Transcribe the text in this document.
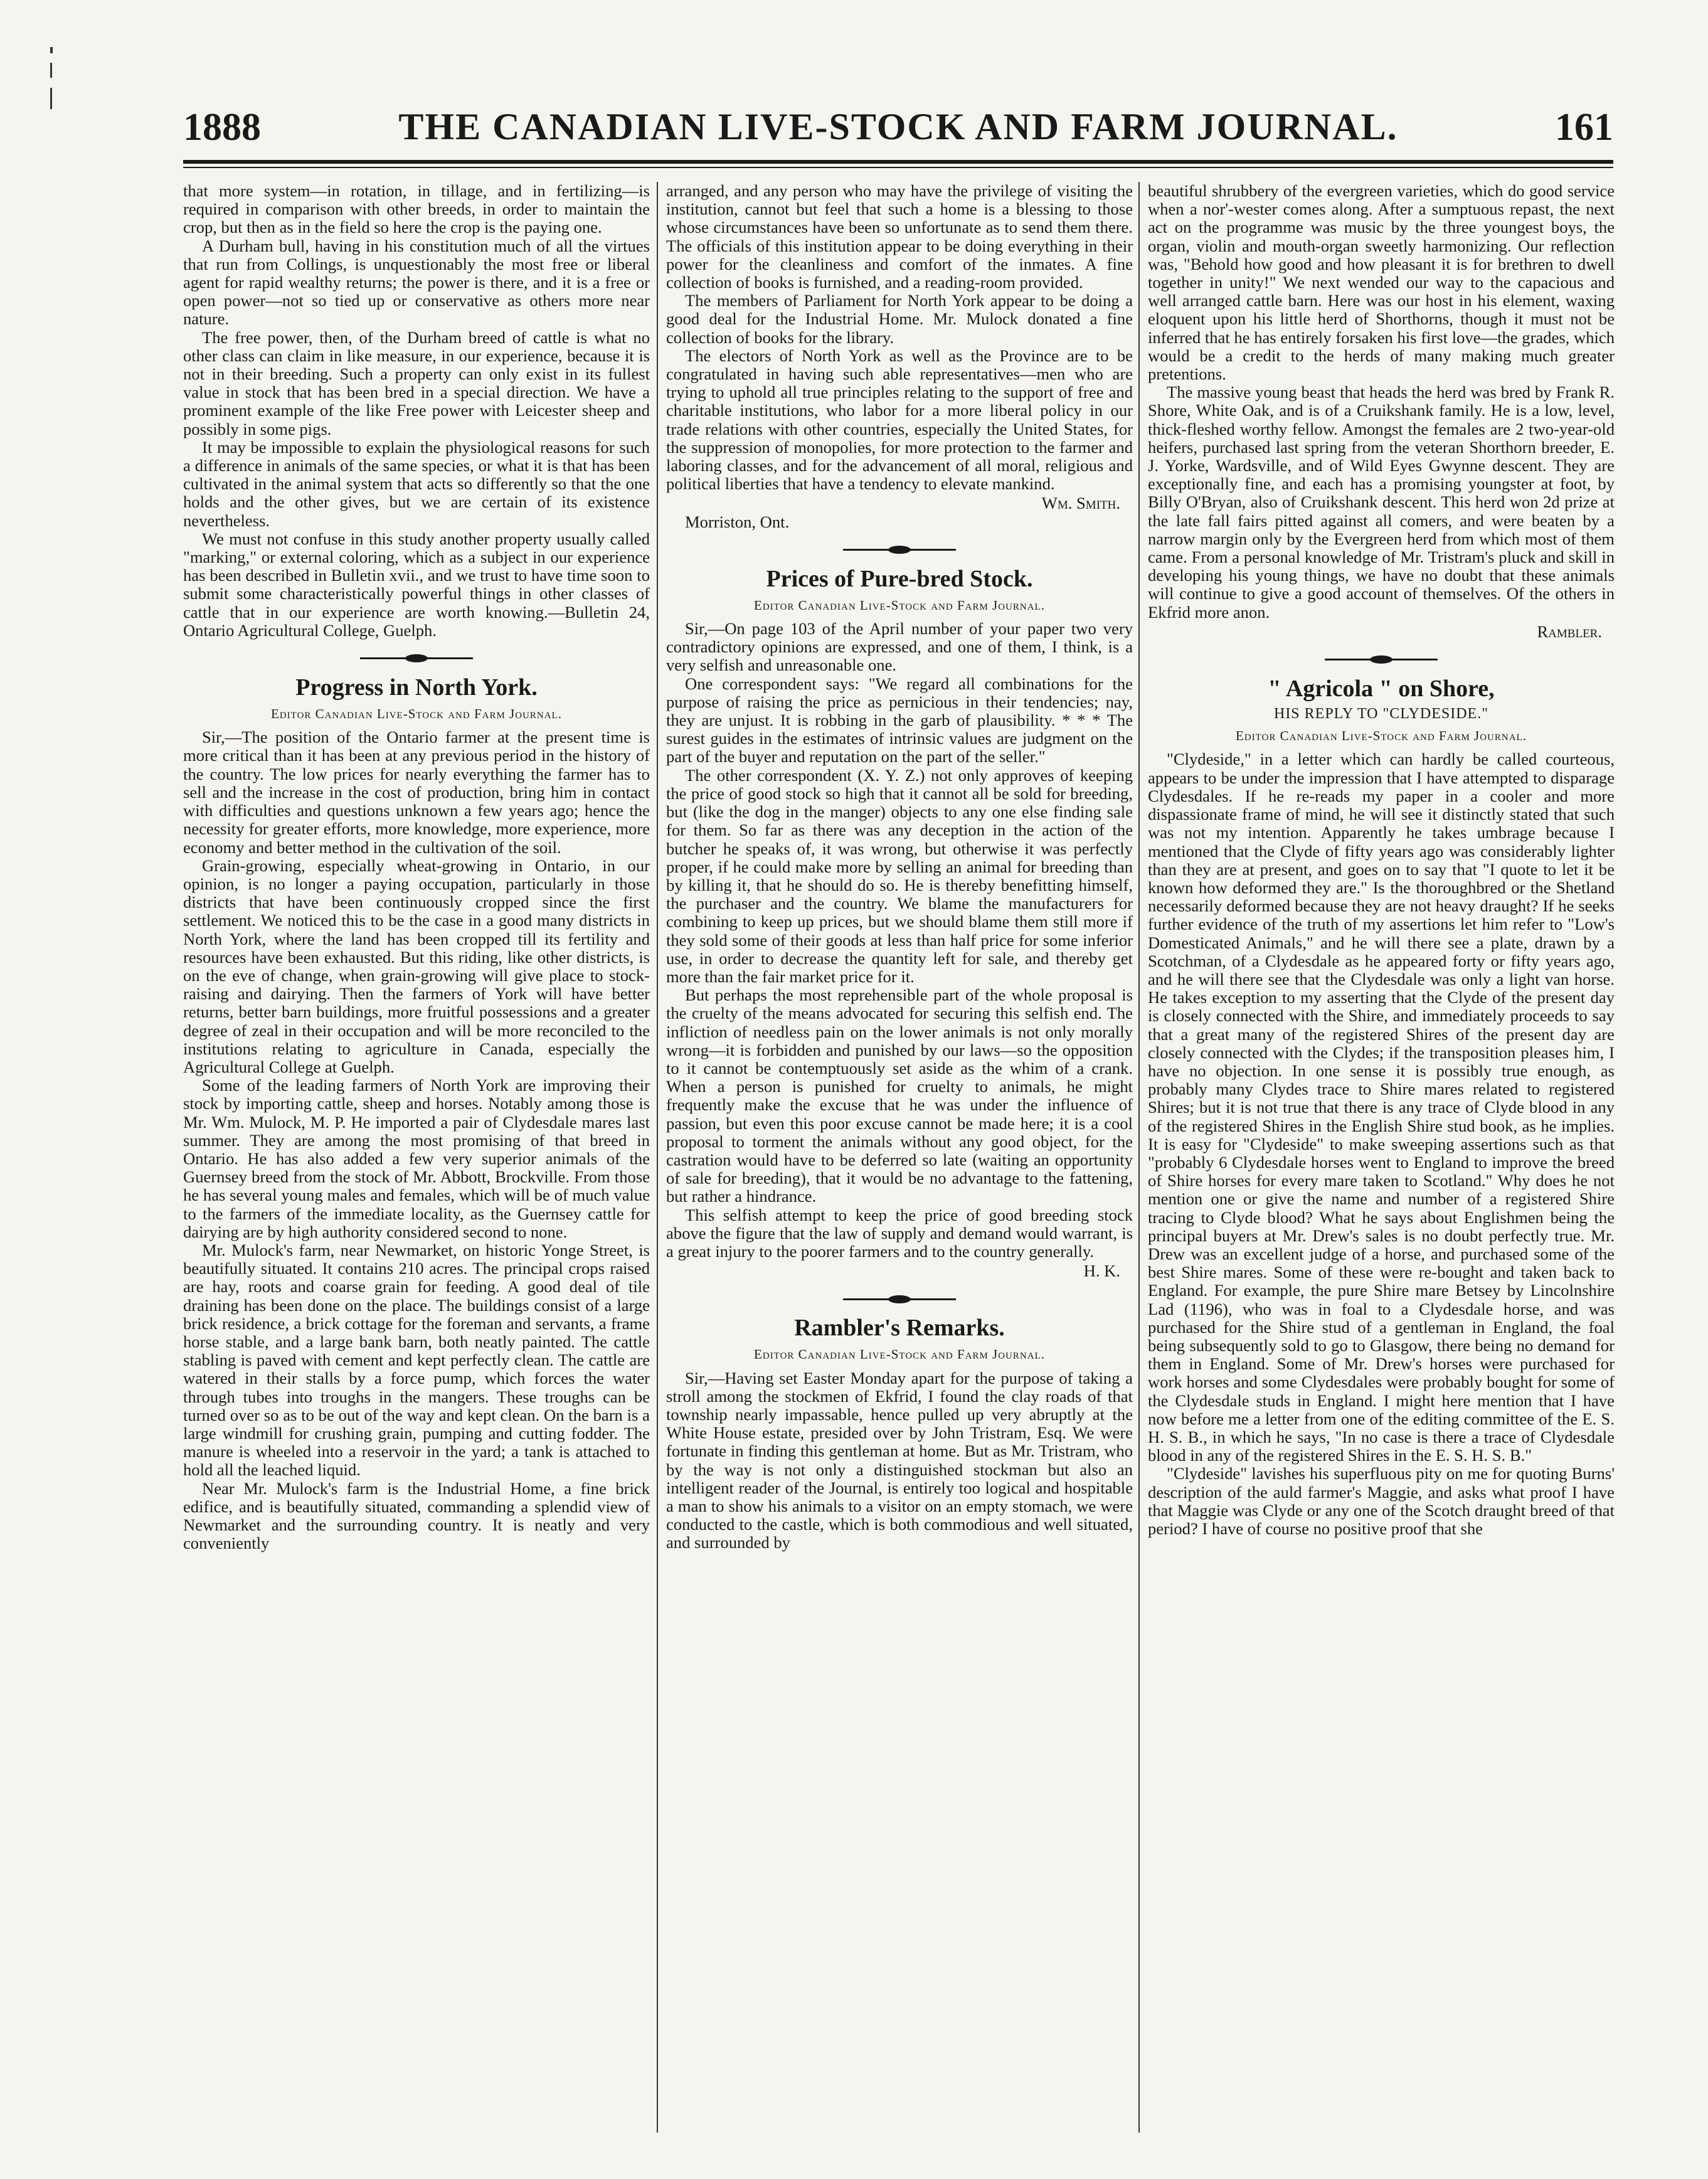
1888	THE CANADIAN LIVE-STOCK AND FARM JOURNAL.	161

that more system—in rotation, in tillage, and in fertilizing—is required in comparison with other breeds, in order to maintain the crop, but then as in the field so here the crop is the paying one.

A Durham bull, having in his constitution much of all the virtues that run from Collings, is unquestionably the most free or liberal agent for rapid wealthy returns; the power is there, and it is a free or open power—not so tied up or conservative as others more near nature.

The free power, then, of the Durham breed of cattle is what no other class can claim in like measure, in our experience, because it is not in their breeding. Such a property can only exist in its fullest value in stock that has been bred in a special direction. We have a prominent example of the like Free power with Leicester sheep and possibly in some pigs.

It may be impossible to explain the physiological reasons for such a difference in animals of the same species, or what it is that has been cultivated in the animal system that acts so differently so that the one holds and the other gives, but we are certain of its existence nevertheless.

We must not confuse in this study another property usually called "marking," or external coloring, which as a subject in our experience has been described in Bulletin xvii., and we trust to have time soon to submit some characteristically powerful things in other classes of cattle that in our experience are worth knowing.—Bulletin 24, Ontario Agricultural College, Guelph.

Progress in North York.
Editor Canadian Live-Stock and Farm Journal.

Sir,—The position of the Ontario farmer at the present time is more critical than it has been at any previous period in the history of the country. The low prices for nearly everything the farmer has to sell and the increase in the cost of production, bring him in contact with difficulties and questions unknown a few years ago; hence the necessity for greater efforts, more knowledge, more experience, more economy and better method in the cultivation of the soil.

Grain-growing, especially wheat-growing in Ontario, in our opinion, is no longer a paying occupation, particularly in those districts that have been continuously cropped since the first settlement. We noticed this to be the case in a good many districts in North York, where the land has been cropped till its fertility and resources have been exhausted. But this riding, like other districts, is on the eve of change, when grain-growing will give place to stock-raising and dairying. Then the farmers of York will have better returns, better barn buildings, more fruitful possessions and a greater degree of zeal in their occupation and will be more reconciled to the institutions relating to agriculture in Canada, especially the Agricultural College at Guelph.

Some of the leading farmers of North York are improving their stock by importing cattle, sheep and horses. Notably among those is Mr. Wm. Mulock, M. P. He imported a pair of Clydesdale mares last summer. They are among the most promising of that breed in Ontario. He has also added a few very superior animals of the Guernsey breed from the stock of Mr. Abbott, Brockville. From those he has several young males and females, which will be of much value to the farmers of the immediate locality, as the Guernsey cattle for dairying are by high authority considered second to none.

Mr. Mulock's farm, near Newmarket, on historic Yonge Street, is beautifully situated. It contains 210 acres. The principal crops raised are hay, roots and coarse grain for feeding. A good deal of tile draining has been done on the place. The buildings consist of a large brick residence, a brick cottage for the foreman and servants, a frame horse stable, and a large bank barn, both neatly painted. The cattle stabling is paved with cement and kept perfectly clean. The cattle are watered in their stalls by a force pump, which forces the water through tubes into troughs in the mangers. These troughs can be turned over so as to be out of the way and kept clean. On the barn is a large windmill for crushing grain, pumping and cutting fodder. The manure is wheeled into a reservoir in the yard; a tank is attached to hold all the leached liquid.

Near Mr. Mulock's farm is the Industrial Home, a fine brick edifice, and is beautifully situated, commanding a splendid view of Newmarket and the surrounding country. It is neatly and very conveniently

arranged, and any person who may have the privilege of visiting the institution, cannot but feel that such a home is a blessing to those whose circumstances have been so unfortunate as to send them there. The officials of this institution appear to be doing everything in their power for the cleanliness and comfort of the inmates. A fine collection of books is furnished, and a reading-room provided.

The members of Parliament for North York appear to be doing a good deal for the Industrial Home. Mr. Mulock donated a fine collection of books for the library.

The electors of North York as well as the Province are to be congratulated in having such able representatives—men who are trying to uphold all true principles relating to the support of free and charitable institutions, who labor for a more liberal policy in our trade relations with other countries, especially the United States, for the suppression of monopolies, for more protection to the farmer and laboring classes, and for the advancement of all moral, religious and political liberties that have a tendency to elevate mankind.

Wm. Smith.

Morriston, Ont.

Prices of Pure-bred Stock.
Editor Canadian Live-Stock and Farm Journal.

Sir,—On page 103 of the April number of your paper two very contradictory opinions are expressed, and one of them, I think, is a very selfish and unreasonable one.

One correspondent says: "We regard all combinations for the purpose of raising the price as pernicious in their tendencies; nay, they are unjust. It is robbing in the garb of plausibility. * * * The surest guides in the estimates of intrinsic values are judgment on the part of the buyer and reputation on the part of the seller."

The other correspondent (X. Y. Z.) not only approves of keeping the price of good stock so high that it cannot all be sold for breeding, but (like the dog in the manger) objects to any one else finding sale for them. So far as there was any deception in the action of the butcher he speaks of, it was wrong, but otherwise it was perfectly proper, if he could make more by selling an animal for breeding than by killing it, that he should do so. He is thereby benefitting himself, the purchaser and the country. We blame the manufacturers for combining to keep up prices, but we should blame them still more if they sold some of their goods at less than half price for some inferior use, in order to decrease the quantity left for sale, and thereby get more than the fair market price for it.

But perhaps the most reprehensible part of the whole proposal is the cruelty of the means advocated for securing this selfish end. The infliction of needless pain on the lower animals is not only morally wrong—it is forbidden and punished by our laws—so the opposition to it cannot be contemptuously set aside as the whim of a crank. When a person is punished for cruelty to animals, he might frequently make the excuse that he was under the influence of passion, but even this poor excuse cannot be made here; it is a cool proposal to torment the animals without any good object, for the castration would have to be deferred so late (waiting an opportunity of sale for breeding), that it would be no advantage to the fattening, but rather a hindrance.

This selfish attempt to keep the price of good breeding stock above the figure that the law of supply and demand would warrant, is a great injury to the poorer farmers and to the country generally.

H. K.
Rambler's Remarks.
Editor Canadian Live-Stock and Farm Journal.

Sir,—Having set Easter Monday apart for the purpose of taking a stroll among the stockmen of Ekfrid, I found the clay roads of that township nearly impassable, hence pulled up very abruptly at the White House estate, presided over by John Tristram, Esq. We were fortunate in finding this gentleman at home. But as Mr. Tristram, who by the way is not only a distinguished stockman but also an intelligent reader of the Journal, is entirely too logical and hospitable a man to show his animals to a visitor on an empty stomach, we were conducted to the castle, which is both commodious and well situated, and surrounded by

beautiful shrubbery of the evergreen varieties, which do good service when a nor'-wester comes along. After a sumptuous repast, the next act on the programme was music by the three youngest boys, the organ, violin and mouth-organ sweetly harmonizing. Our reflection was, "Behold how good and how pleasant it is for brethren to dwell together in unity!" We next wended our way to the capacious and well arranged cattle barn. Here was our host in his element, waxing eloquent upon his little herd of Shorthorns, though it must not be inferred that he has entirely forsaken his first love—the grades, which would be a credit to the herds of many making much greater pretentions.

The massive young beast that heads the herd was bred by Frank R. Shore, White Oak, and is of a Cruikshank family. He is a low, level, thick-fleshed worthy fellow. Amongst the females are 2 two-year-old heifers, purchased last spring from the veteran Shorthorn breeder, E. J. Yorke, Wardsville, and of Wild Eyes Gwynne descent. They are exceptionally fine, and each has a promising youngster at foot, by Billy O'Bryan, also of Cruikshank descent. This herd won 2d prize at the late fall fairs pitted against all comers, and were beaten by a narrow margin only by the Evergreen herd from which most of them came. From a personal knowledge of Mr. Tristram's pluck and skill in developing his young things, we have no doubt that these animals will continue to give a good account of themselves. Of the others in Ekfrid more anon.

Rambler.
" Agricola " on Shore,
HIS REPLY TO "CLYDESIDE."
Editor Canadian Live-Stock and Farm Journal.

"Clydeside," in a letter which can hardly be called courteous, appears to be under the impression that I have attempted to disparage Clydesdales. If he re-reads my paper in a cooler and more dispassionate frame of mind, he will see it distinctly stated that such was not my intention. Apparently he takes umbrage because I mentioned that the Clyde of fifty years ago was considerably lighter than they are at present, and goes on to say that "I quote to let it be known how deformed they are." Is the thoroughbred or the Shetland necessarily deformed because they are not heavy draught? If he seeks further evidence of the truth of my assertions let him refer to "Low's Domesticated Animals," and he will there see a plate, drawn by a Scotchman, of a Clydesdale as he appeared forty or fifty years ago, and he will there see that the Clydesdale was only a light van horse. He takes exception to my asserting that the Clyde of the present day is closely connected with the Shire, and immediately proceeds to say that a great many of the registered Shires of the present day are closely connected with the Clydes; if the transposition pleases him, I have no objection. In one sense it is possibly true enough, as probably many Clydes trace to Shire mares related to registered Shires; but it is not true that there is any trace of Clyde blood in any of the registered Shires in the English Shire stud book, as he implies. It is easy for "Clydeside" to make sweeping assertions such as that "probably 6 Clydesdale horses went to England to improve the breed of Shire horses for every mare taken to Scotland." Why does he not mention one or give the name and number of a registered Shire tracing to Clyde blood? What he says about Englishmen being the principal buyers at Mr. Drew's sales is no doubt perfectly true. Mr. Drew was an excellent judge of a horse, and purchased some of the best Shire mares. Some of these were re-bought and taken back to England. For example, the pure Shire mare Betsey by Lincolnshire Lad (1196), who was in foal to a Clydesdale horse, and was purchased for the Shire stud of a gentleman in England, the foal being subsequently sold to go to Glasgow, there being no demand for them in England. Some of Mr. Drew's horses were purchased for work horses and some Clydesdales were probably bought for some of the Clydesdale studs in England. I might here mention that I have now before me a letter from one of the editing committee of the E. S. H. S. B., in which he says, "In no case is there a trace of Clydesdale blood in any of the registered Shires in the E. S. H. S. B."

"Clydeside" lavishes his superfluous pity on me for quoting Burns' description of the auld farmer's Maggie, and asks what proof I have that Maggie was Clyde or any one of the Scotch draught breed of that period? I have of course no positive proof that she
